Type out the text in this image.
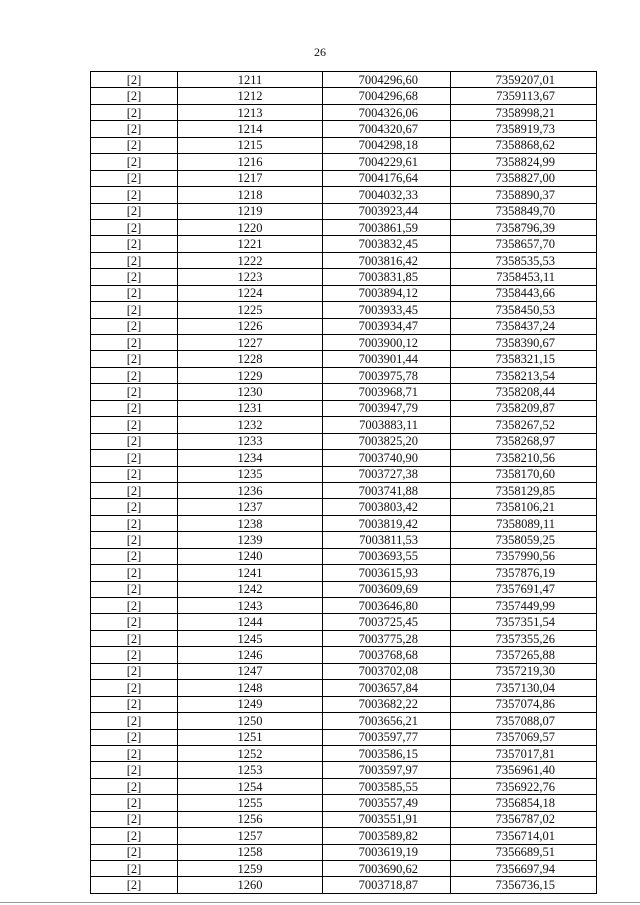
26
[2]	1211	7004296,60	7359207,01
[2]	1212	7004296,68	7359113,67
[2]	1213	7004326,06	7358998,21
[2]	1214	7004320,67	7358919,73
[2]	1215	7004298,18	7358868,62
[2]	1216	7004229,61	7358824,99
[2]	1217	7004176,64	7358827,00
[2]	1218	7004032,33	7358890,37
[2]	1219	7003923,44	7358849,70
[2]	1220	7003861,59	7358796,39
[2]	1221	7003832,45	7358657,70
[2]	1222	7003816,42	7358535,53
[2]	1223	7003831,85	7358453,11
[2]	1224	7003894,12	7358443,66
[2]	1225	7003933,45	7358450,53
[2]	1226	7003934,47	7358437,24
[2]	1227	7003900,12	7358390,67
[2]	1228	7003901,44	7358321,15
[2]	1229	7003975,78	7358213,54
[2]	1230	7003968,71	7358208,44
[2]	1231	7003947,79	7358209,87
[2]	1232	7003883,11	7358267,52
[2]	1233	7003825,20	7358268,97
[2]	1234	7003740,90	7358210,56
[2]	1235	7003727,38	7358170,60
[2]	1236	7003741,88	7358129,85
[2]	1237	7003803,42	7358106,21
[2]	1238	7003819,42	7358089,11
[2]	1239	7003811,53	7358059,25
[2]	1240	7003693,55	7357990,56
[2]	1241	7003615,93	7357876,19
[2]	1242	7003609,69	7357691,47
[2]	1243	7003646,80	7357449,99
[2]	1244	7003725,45	7357351,54
[2]	1245	7003775,28	7357355,26
[2]	1246	7003768,68	7357265,88
[2]	1247	7003702,08	7357219,30
[2]	1248	7003657,84	7357130,04
[2]	1249	7003682,22	7357074,86
[2]	1250	7003656,21	7357088,07
[2]	1251	7003597,77	7357069,57
[2]	1252	7003586,15	7357017,81
[2]	1253	7003597,97	7356961,40
[2]	1254	7003585,55	7356922,76
[2]	1255	7003557,49	7356854,18
[2]	1256	7003551,91	7356787,02
[2]	1257	7003589,82	7356714,01
[2]	1258	7003619,19	7356689,51
[2]	1259	7003690,62	7356697,94
[2]	1260	7003718,87	7356736,15
